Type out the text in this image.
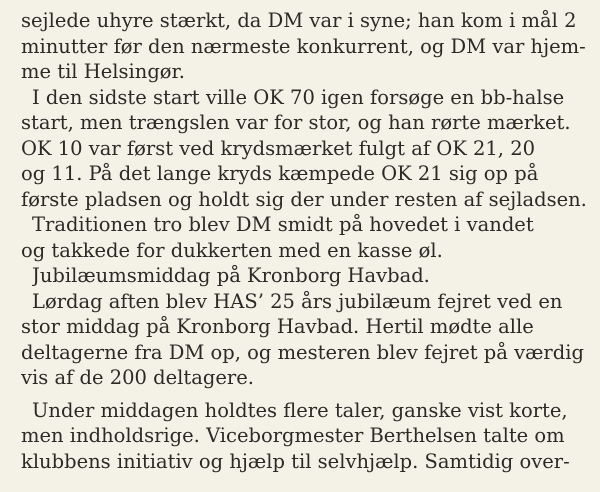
sejlede uhyre stærkt, da DM var i syne; han kom i mål 2
minutter før den nærmeste konkurrent, og DM var hjem-
me til Helsingør.

I den sidste start ville OK 70 igen forsøge en bb-halse
start, men trængslen var for stor, og han rørte mærket.
OK 10 var først ved krydsmærket fulgt af OK 21, 20
og 11. På det lange kryds kæmpede OK 21 sig op på
første pladsen og holdt sig der under resten af sejladsen.

Traditionen tro blev DM smidt på hovedet i vandet
og takkede for dukkerten med en kasse øl.

Jubilæumsmiddag på Kronborg Havbad.

Lørdag aften blev HAS’ 25 års jubilæum fejret ved en
stor middag på Kronborg Havbad. Hertil mødte alle
deltagerne fra DM op, og mesteren blev fejret på værdig
vis af de 200 deltagere.

Under middagen holdtes flere taler, ganske vist korte,
men indholdsrige. Viceborgmester Berthelsen talte om
klubbens initiativ og hjælp til selvhjælp. Samtidig over-
